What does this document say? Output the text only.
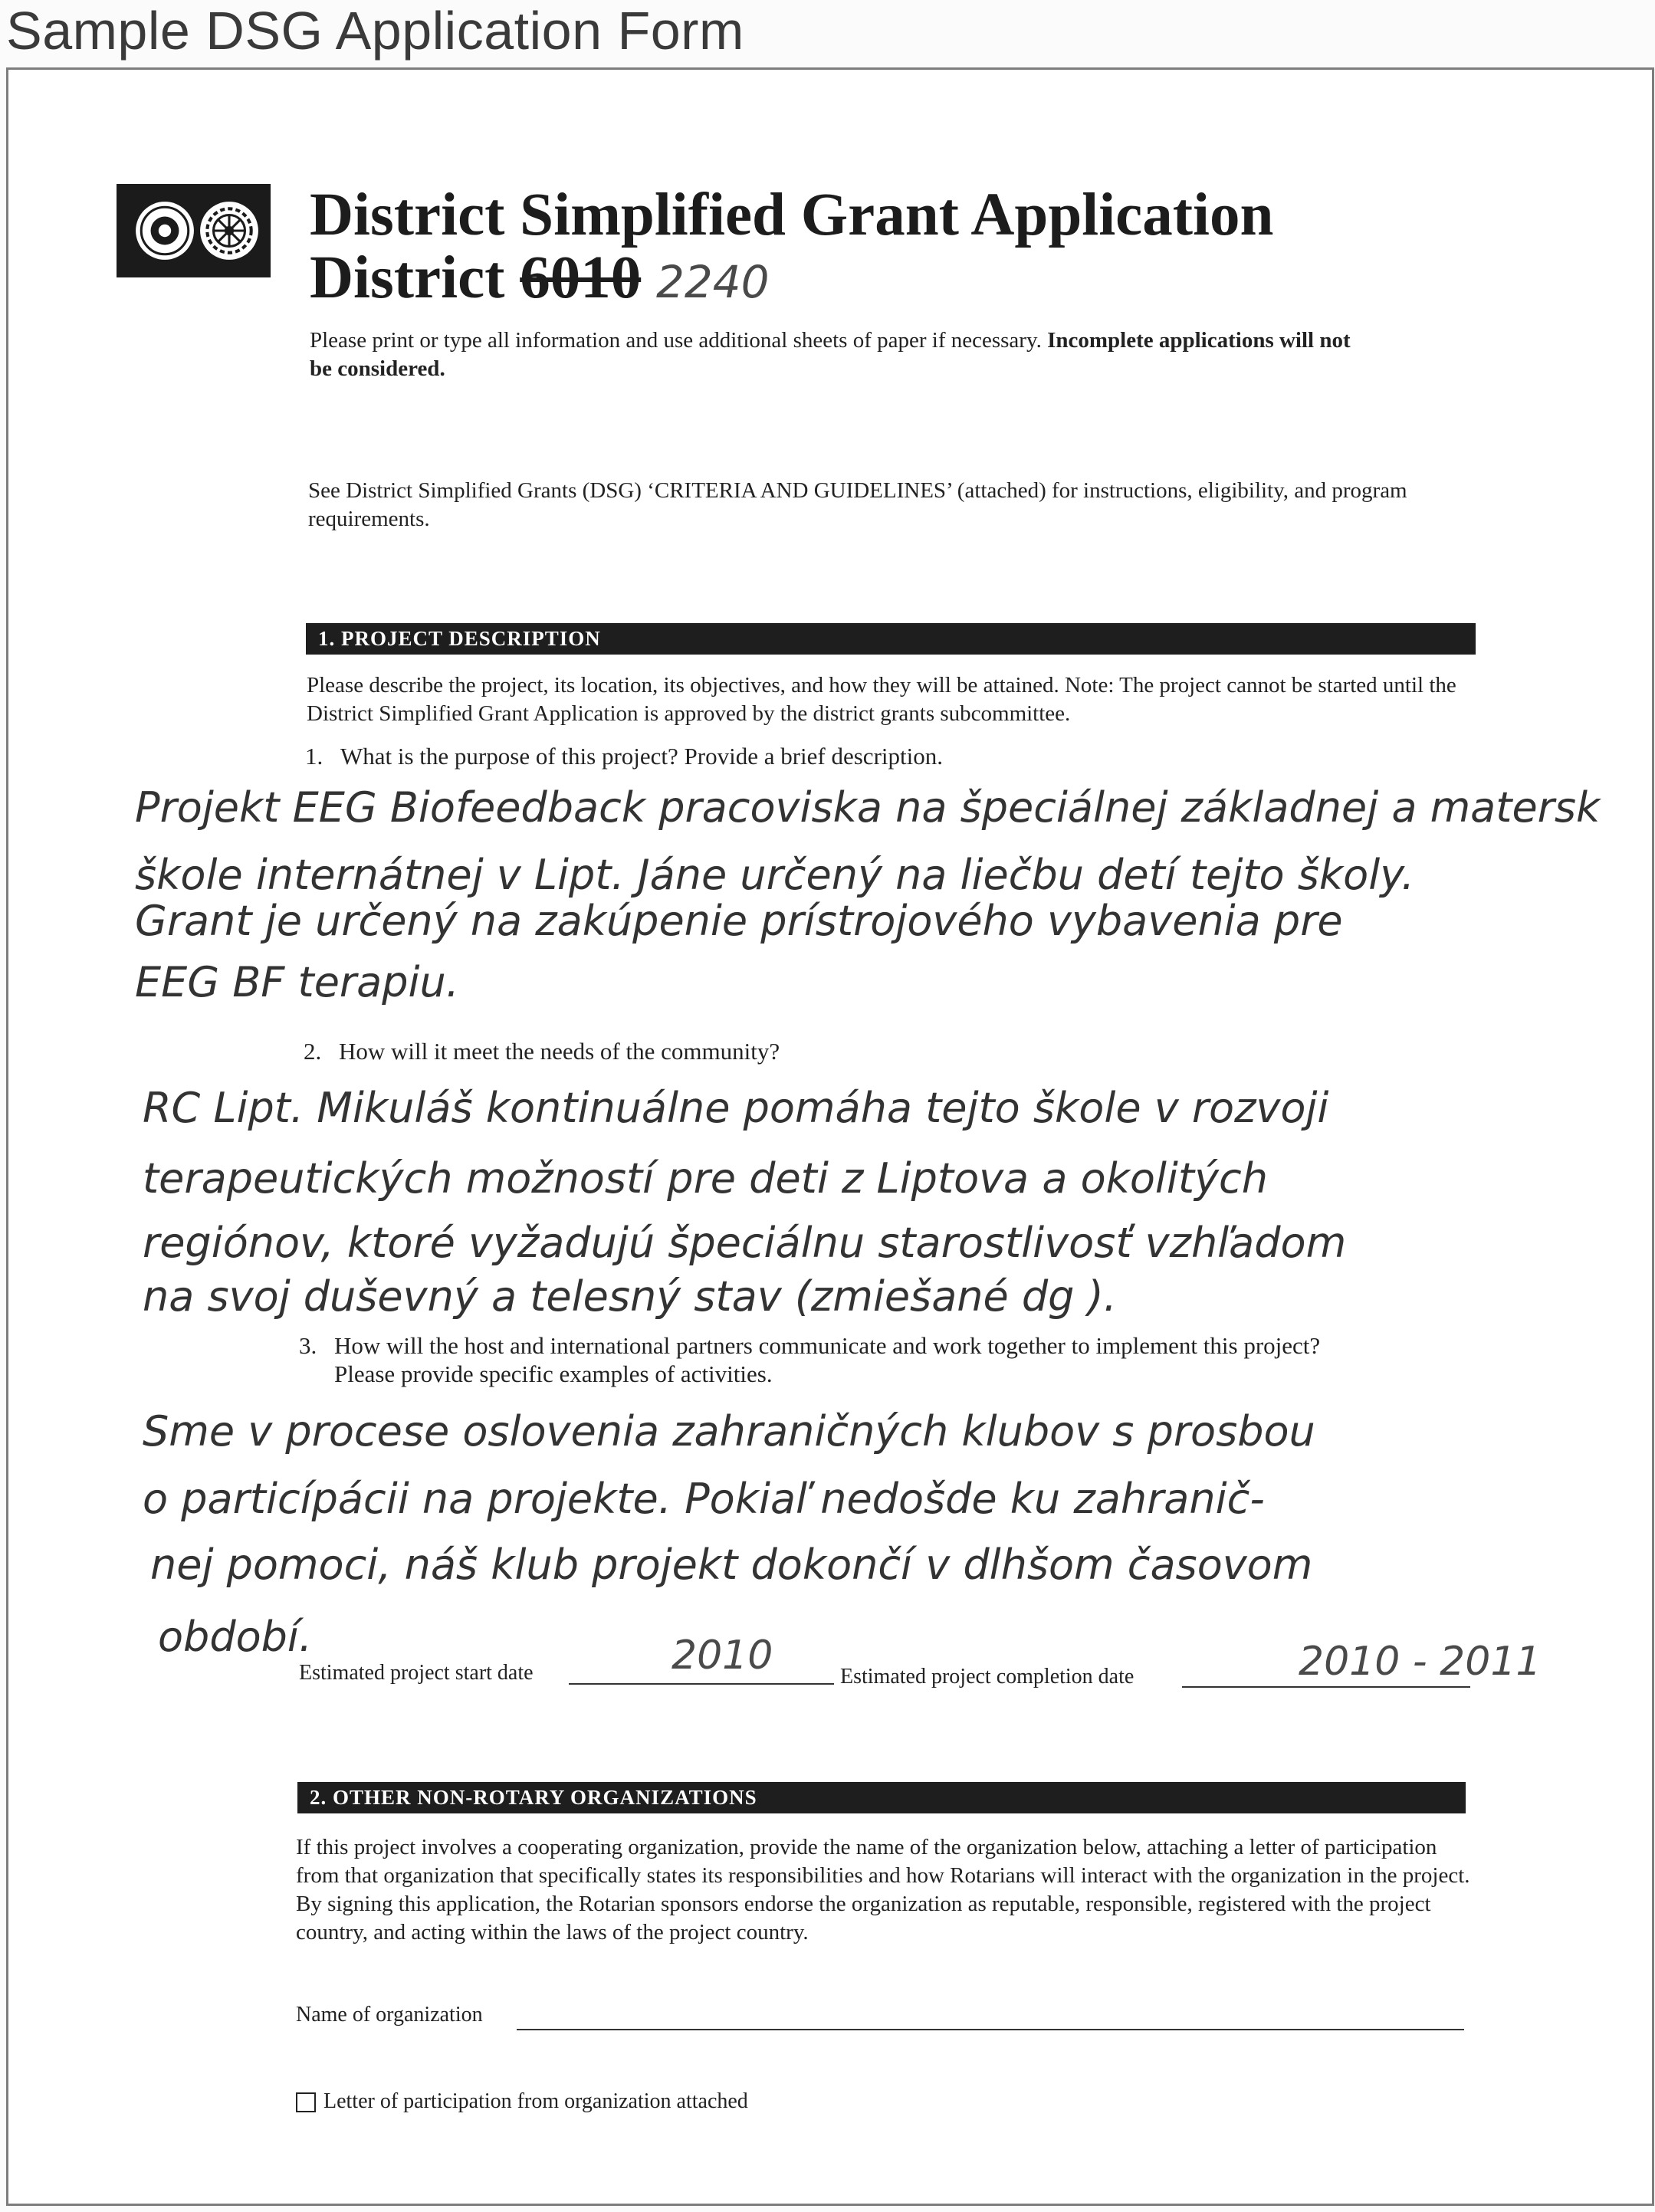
Sample DSG Application Form
District Simplified Grant Application
District 6010 2240
Please print or type all information and use additional sheets of paper if necessary. Incomplete applications will not be considered.
See District Simplified Grants (DSG) ‘CRITERIA AND GUIDELINES’ (attached) for instructions, eligibility, and program requirements.
1. PROJECT DESCRIPTION
Please describe the project, its location, its objectives, and how they will be attained. Note: The project cannot be started until the District Simplified Grant Application is approved by the district grants subcommittee.
1. What is the purpose of this project? Provide a brief description.
Projekt EEG Biofeedback pracoviska na špeciálnej základnej a matersk
škole internátnej v Lipt. Jáne určený na liečbu detí tejto školy.
Grant je určený na zakúpenie prístrojového vybavenia pre
EEG BF terapiu.
2. How will it meet the needs of the community?
RC Lipt. Mikuláš kontinuálne pomáha tejto škole v rozvoji
terapeutických možností pre deti z Liptova a okolitých
regiónov, ktoré vyžadujú špeciálnu starostlivosť vzhľadom
na svoj duševný a telesný stav (zmiešané dg ).
3. How will the host and international partners communicate and work together to implement this project?
Please provide specific examples of activities.
Sme v procese oslovenia zahraničných klubov s prosbou
o particípácii na projekte. Pokiaľ nedošde ku zahranič-
nej pomoci, náš klub projekt dokončí v dlhšom časovom
období.
Estimated project start date	2010	Estimated project completion date	2010 - 2011
2. OTHER NON-ROTARY ORGANIZATIONS
If this project involves a cooperating organization, provide the name of the organization below, attaching a letter of participation from that organization that specifically states its responsibilities and how Rotarians will interact with the organization in the project. By signing this application, the Rotarian sponsors endorse the organization as reputable, responsible, registered with the project country, and acting within the laws of the project country.
Name of organization
Letter of participation from organization attached
